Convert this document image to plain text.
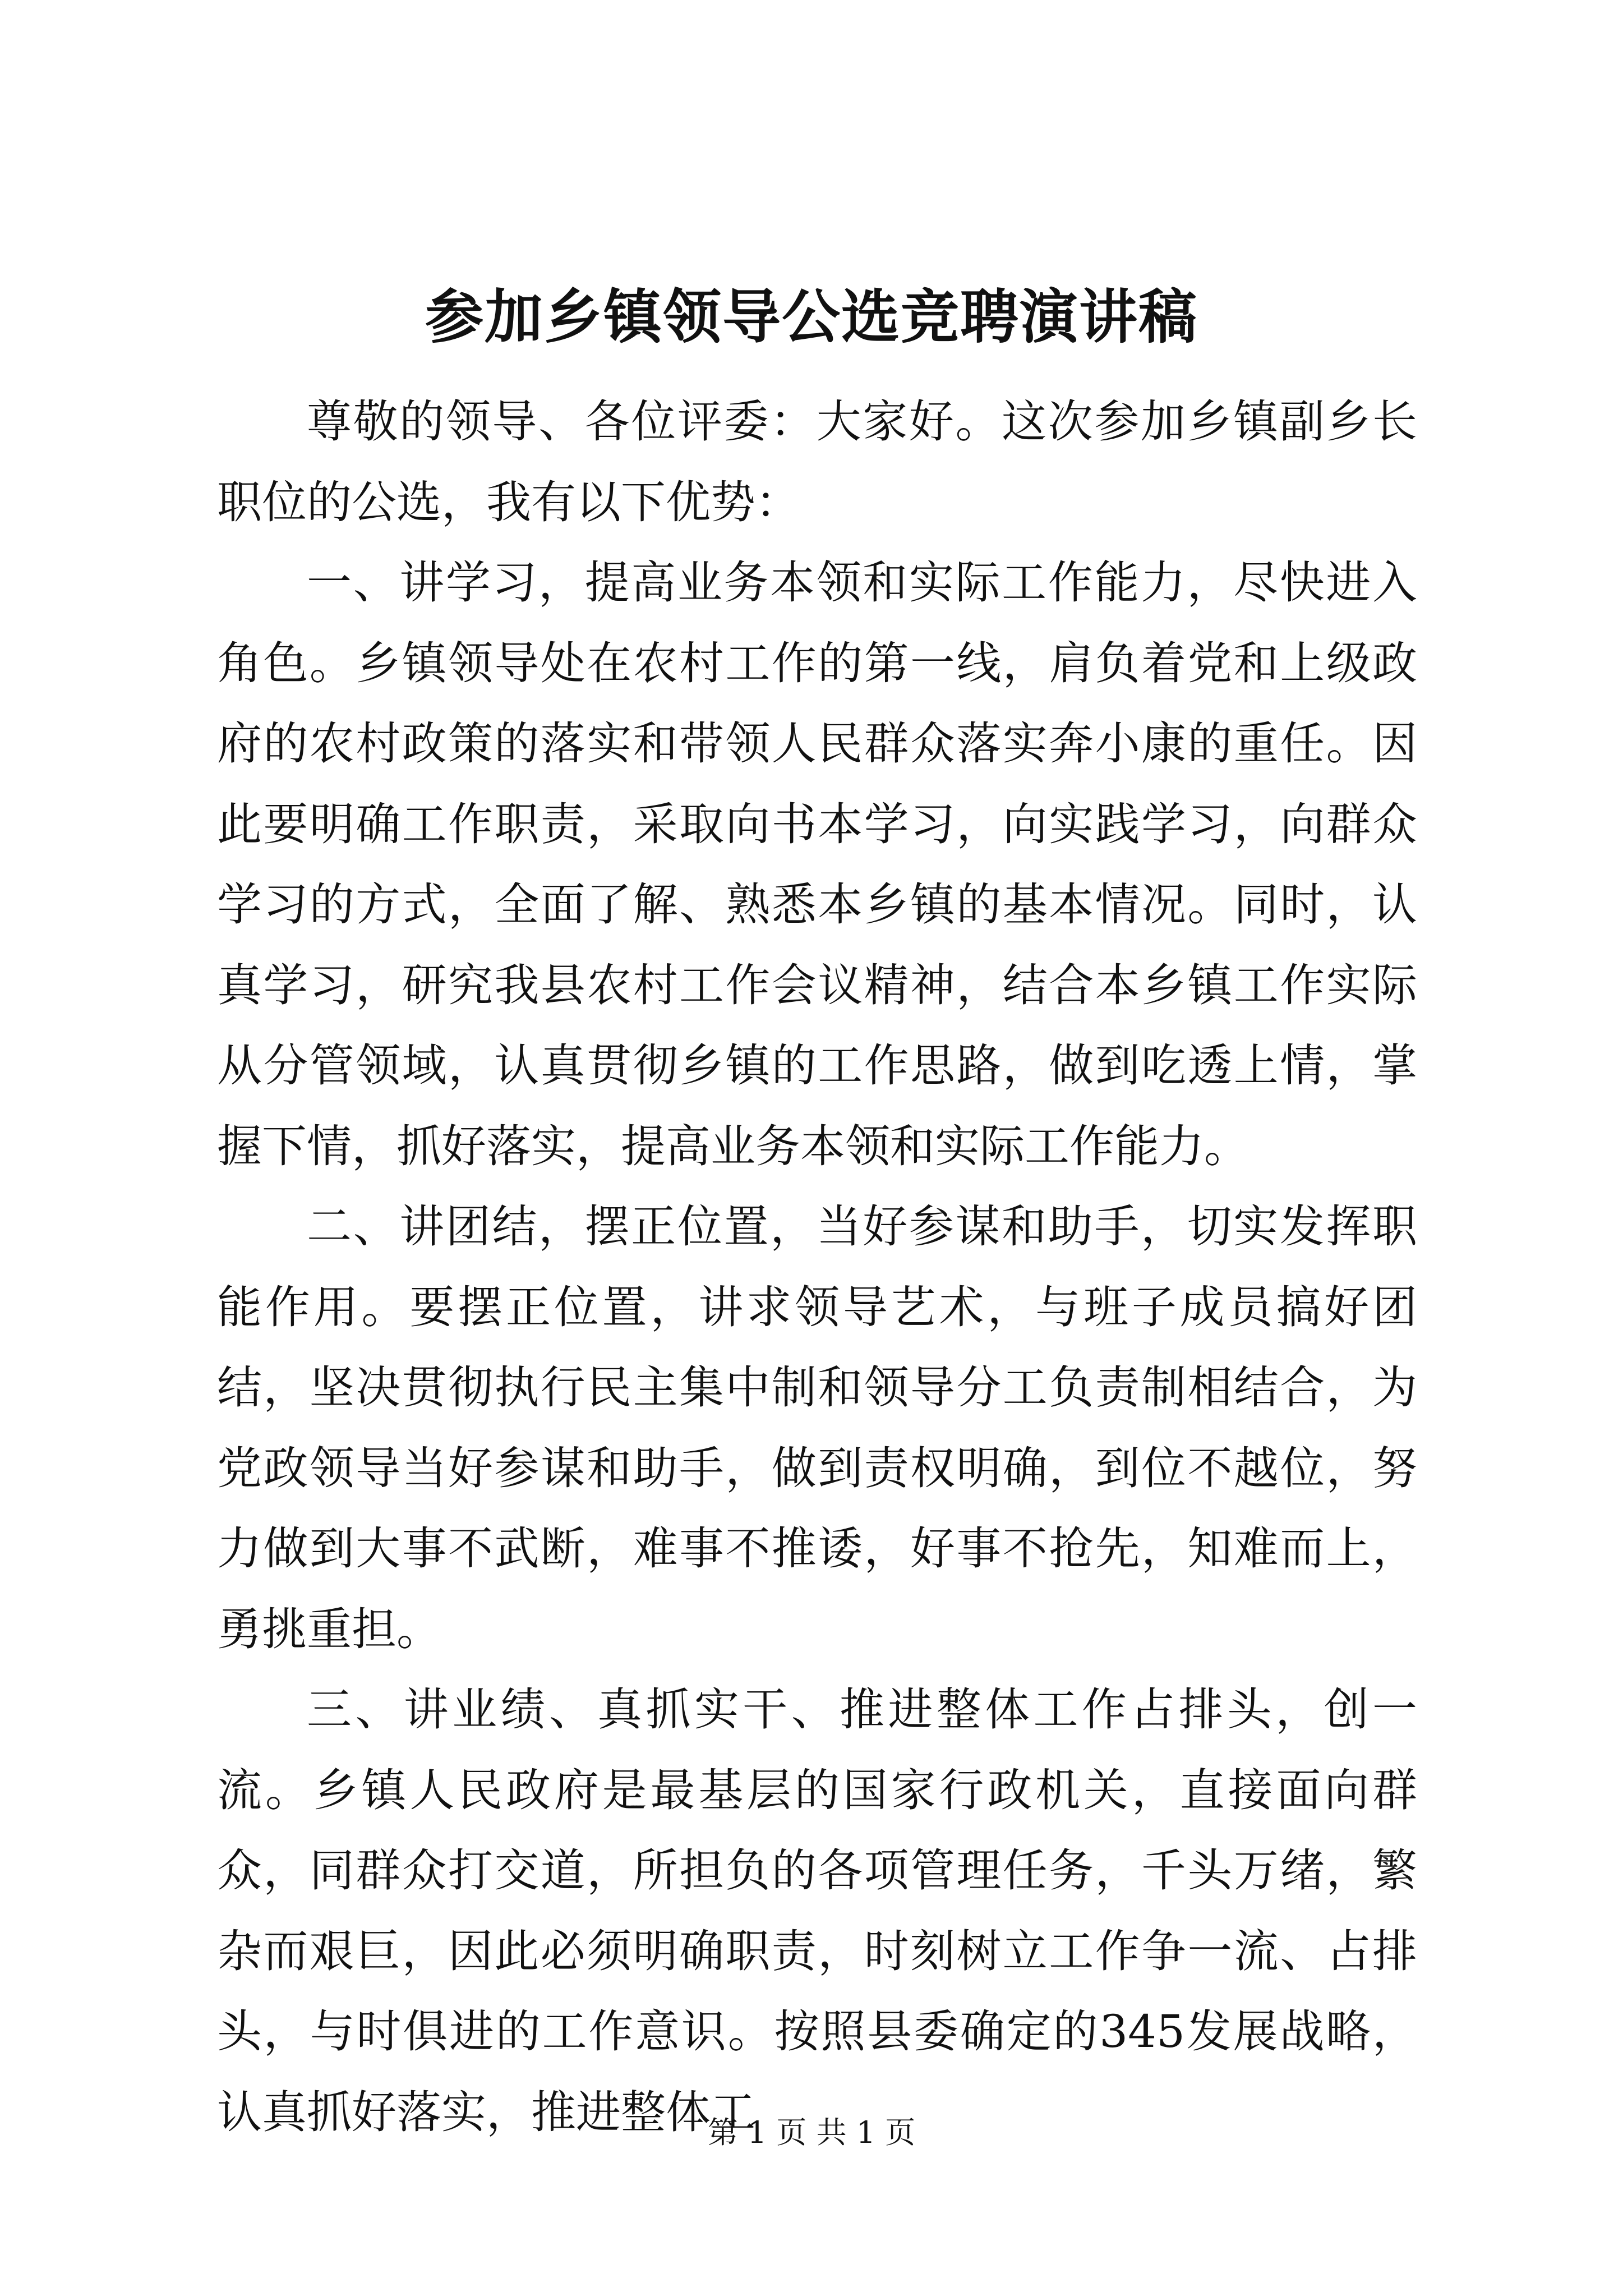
参加乡镇领导公选竞聘演讲稿

尊敬的领导、各位评委：大家好。这次参加乡镇副乡长职位的公选，我有以下优势：

一、讲学习，提高业务本领和实际工作能力，尽快进入角色。乡镇领导处在农村工作的第一线，肩负着党和上级政府的农村政策的落实和带领人民群众落实奔小康的重任。因此要明确工作职责，采取向书本学习，向实践学习，向群众学习的方式，全面了解、熟悉本乡镇的基本情况。同时，认真学习，研究我县农村工作会议精神，结合本乡镇工作实际从分管领域，认真贯彻乡镇的工作思路，做到吃透上情，掌握下情，抓好落实，提高业务本领和实际工作能力。

二、讲团结，摆正位置，当好参谋和助手，切实发挥职能作用。要摆正位置，讲求领导艺术，与班子成员搞好团结，坚决贯彻执行民主集中制和领导分工负责制相结合，为党政领导当好参谋和助手，做到责权明确，到位不越位，努力做到大事不武断，难事不推诿，好事不抢先，知难而上，勇挑重担。

三、讲业绩、真抓实干、推进整体工作占排头，创一流。乡镇人民政府是最基层的国家行政机关，直接面向群众，同群众打交道，所担负的各项管理任务，千头万绪，繁杂而艰巨，因此必须明确职责，时刻树立工作争一流、占排头，与时俱进的工作意识。按照县委确定的345发展战略，认真抓好落实，推进整体工

第 1 页 共 1 页
